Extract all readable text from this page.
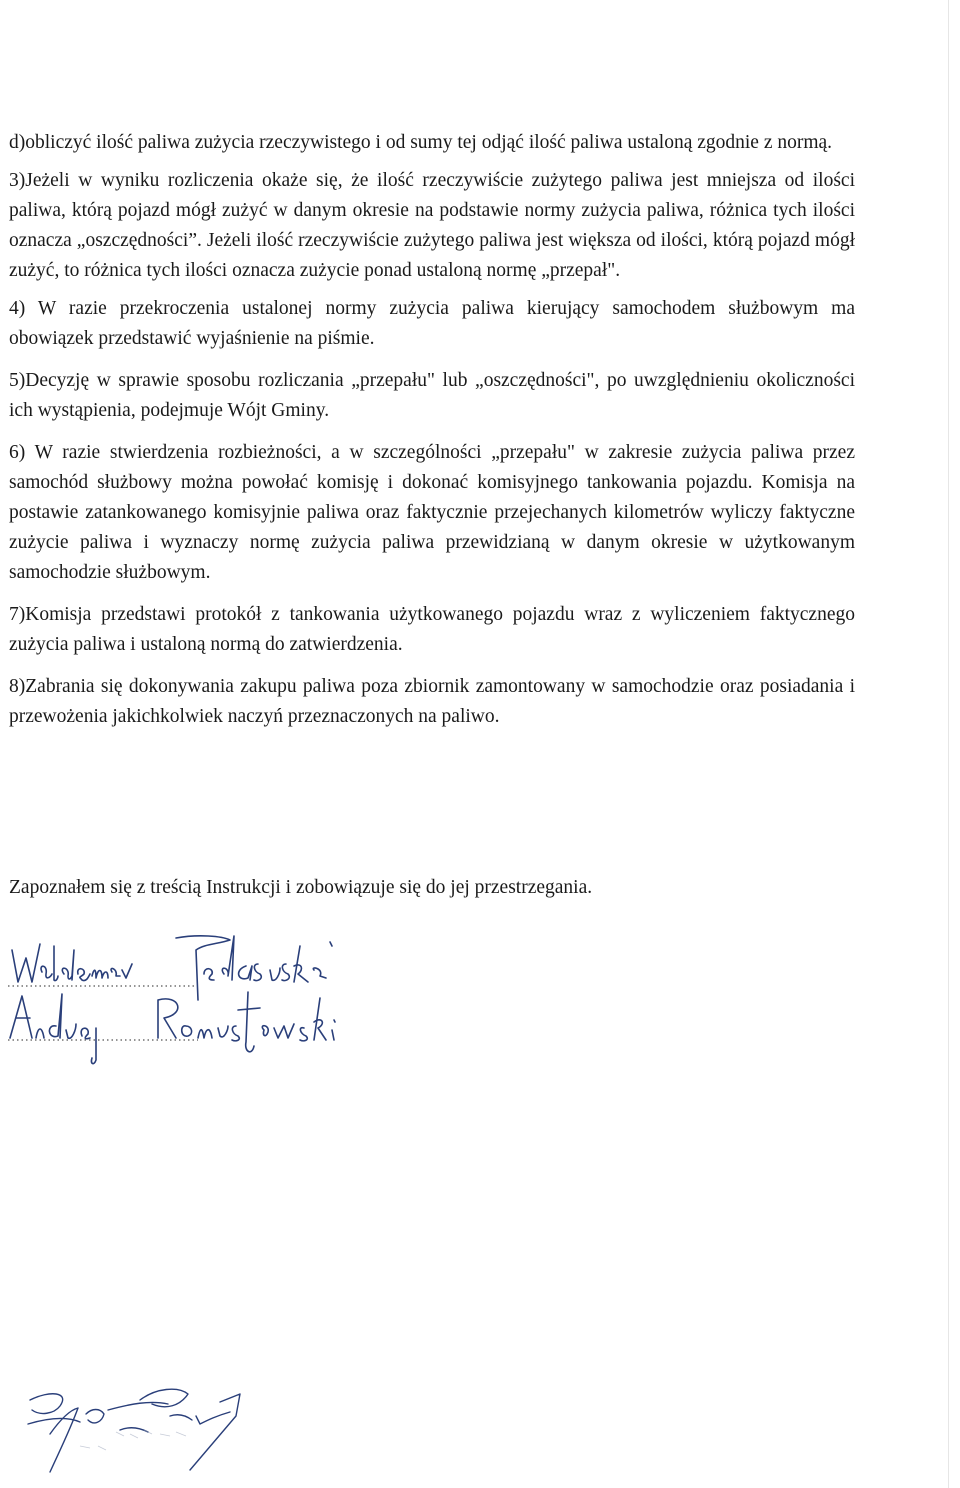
d)obliczyć ilość paliwa zużycia rzeczywistego i od sumy tej odjąć ilość paliwa ustaloną zgodnie z normą.

3)Jeżeli w wyniku rozliczenia okaże się, że ilość rzeczywiście zużytego paliwa jest mniejsza od ilości paliwa, którą pojazd mógł zużyć w danym okresie na podstawie normy zużycia paliwa, różnica tych ilości oznacza „oszczędności”. Jeżeli ilość rzeczywiście zużytego paliwa jest większa od ilości, którą pojazd mógł zużyć, to różnica tych ilości oznacza zużycie ponad ustaloną normę „przepał".

4) W razie przekroczenia ustalonej normy zużycia paliwa kierujący samochodem służbowym ma obowiązek przedstawić wyjaśnienie na piśmie.

5)Decyzję w sprawie sposobu rozliczania „przepału" lub „oszczędności", po uwzględnieniu okoliczności ich wystąpienia, podejmuje Wójt Gminy.

6) W razie stwierdzenia rozbieżności, a w szczególności „przepału" w zakresie zużycia paliwa przez samochód służbowy można powołać komisję i dokonać komisyjnego tankowania pojazdu. Komisja na postawie zatankowanego komisyjnie paliwa oraz faktycznie przejechanych kilometrów wyliczy faktyczne zużycie paliwa i wyznaczy normę zużycia paliwa przewidzianą w danym okresie w użytkowanym samochodzie służbowym.

7)Komisja przedstawi protokół z tankowania użytkowanego pojazdu wraz z wyliczeniem faktycznego zużycia paliwa i ustaloną normą do zatwierdzenia.

8)Zabrania się dokonywania zakupu paliwa poza zbiornik zamontowany w samochodzie oraz posiadania i przewożenia jakichkolwiek naczyń przeznaczonych na paliwo.

Zapoznałem się z treścią Instrukcji i zobowiązuje się do jej przestrzegania.
